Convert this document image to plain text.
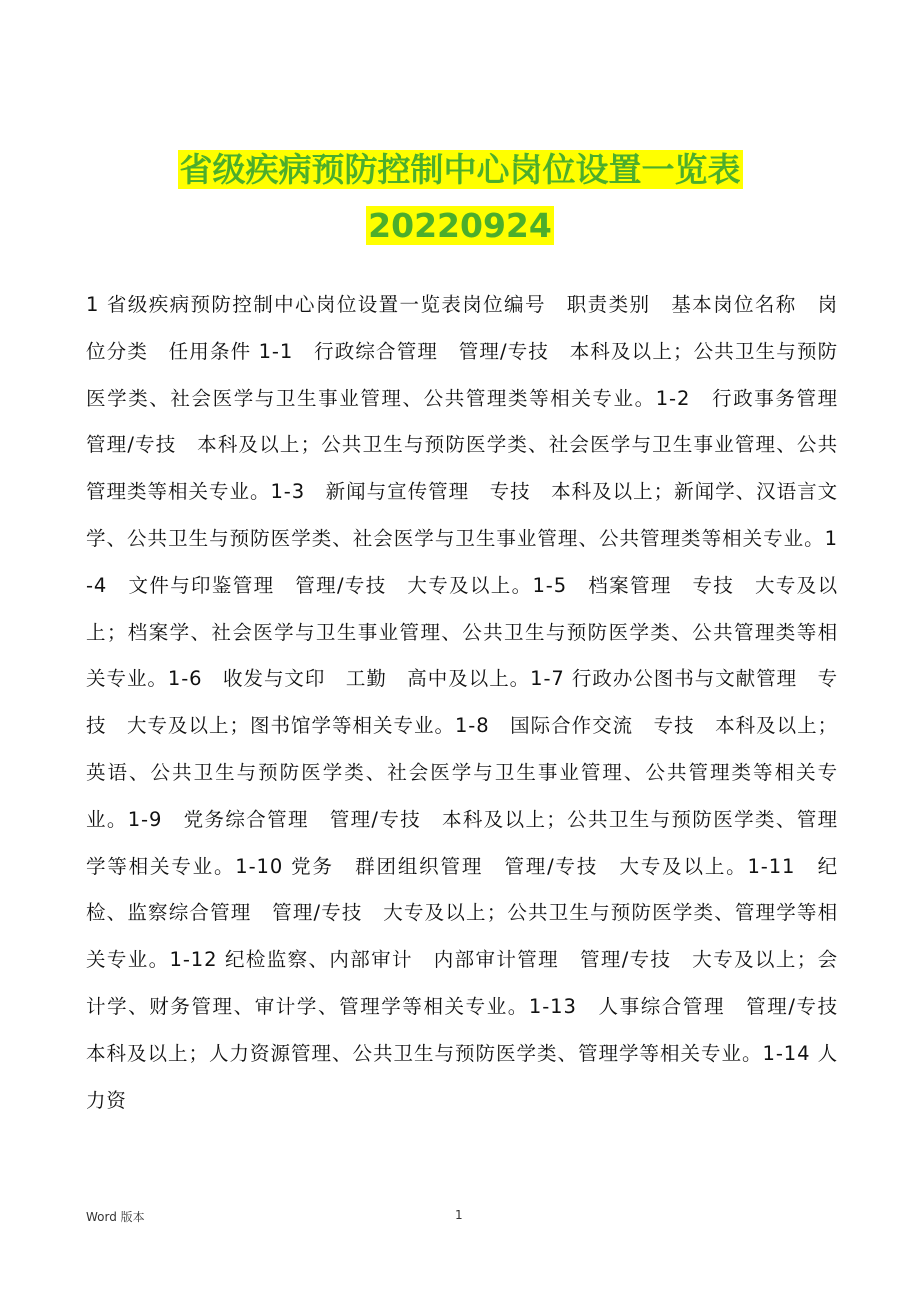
省级疾病预防控制中心岗位设置一览表
20220924
1 省级疾病预防控制中心岗位设置一览表岗位编号　职责类别　基本岗位名称　岗位分类　任用条件 1-1　行政综合管理　管理/专技　本科及以上；公共卫生与预防医学类、社会医学与卫生事业管理、公共管理类等相关专业。1-2　行政事务管理　管理/专技　本科及以上；公共卫生与预防医学类、社会医学与卫生事业管理、公共管理类等相关专业。1-3　新闻与宣传管理　专技　本科及以上；新闻学、汉语言文学、公共卫生与预防医学类、社会医学与卫生事业管理、公共管理类等相关专业。1-4　文件与印鉴管理　管理/专技　大专及以上。1-5　档案管理　专技　大专及以上；档案学、社会医学与卫生事业管理、公共卫生与预防医学类、公共管理类等相关专业。1-6　收发与文印　工勤　高中及以上。1-7 行政办公图书与文献管理　专技　大专及以上；图书馆学等相关专业。1-8　国际合作交流　专技　本科及以上；英语、公共卫生与预防医学类、社会医学与卫生事业管理、公共管理类等相关专业。1-9　党务综合管理　管理/专技　本科及以上；公共卫生与预防医学类、管理学等相关专业。1-10 党务　群团组织管理　管理/专技　大专及以上。1-11　纪检、监察综合管理　管理/专技　大专及以上；公共卫生与预防医学类、管理学等相关专业。1-12 纪检监察、内部审计　内部审计管理　管理/专技　大专及以上；会计学、财务管理、审计学、管理学等相关专业。1-13　人事综合管理　管理/专技　本科及以上；人力资源管理、公共卫生与预防医学类、管理学等相关专业。1-14 人力资
Word 版本	1
